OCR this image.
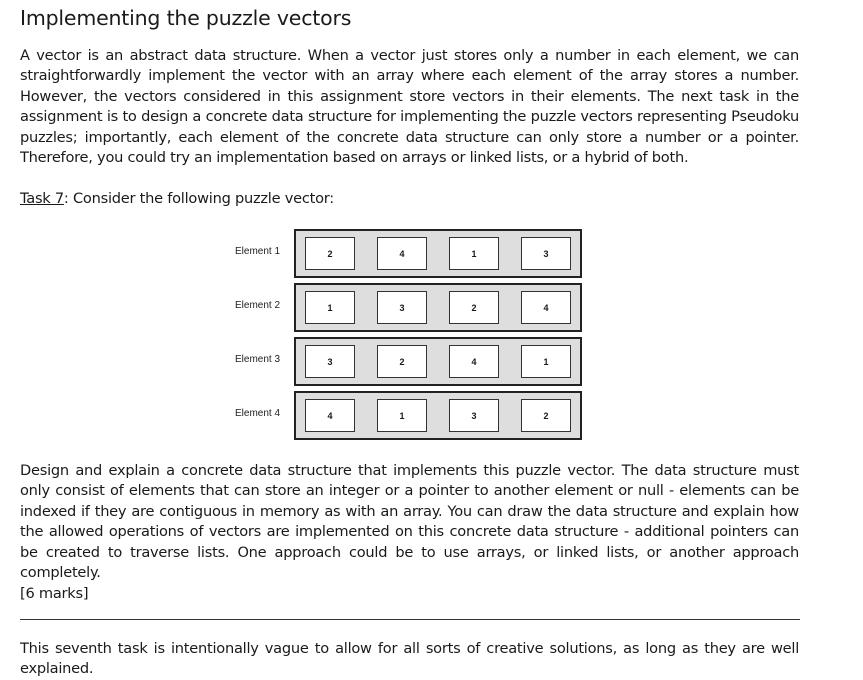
Implementing the puzzle vectors

A vector is an abstract data structure. When a vector just stores only a number in each element, we can straightforwardly implement the vector with an array where each element of the array stores a number. However, the vectors considered in this assignment store vectors in their elements. The next task in the assignment is to design a concrete data structure for implementing the puzzle vectors representing Pseudoku puzzles; importantly, each element of the concrete data structure can only store a number or a pointer. Therefore, you could try an implementation based on arrays or linked lists, or a hybrid of both.

Task 7: Consider the following puzzle vector:

Element 1	2	4	1	3
Element 2	1	3	2	4
Element 3	3	2	4	1
Element 4	4	1	3	2

Design and explain a concrete data structure that implements this puzzle vector. The data structure must only consist of elements that can store an integer or a pointer to another element or null - elements can be indexed if they are contiguous in memory as with an array. You can draw the data structure and explain how the allowed operations of vectors are implemented on this concrete data structure - additional pointers can be created to traverse lists. One approach could be to use arrays, or linked lists, or another approach completely.

[6 marks]

This seventh task is intentionally vague to allow for all sorts of creative solutions, as long as they are well explained.
